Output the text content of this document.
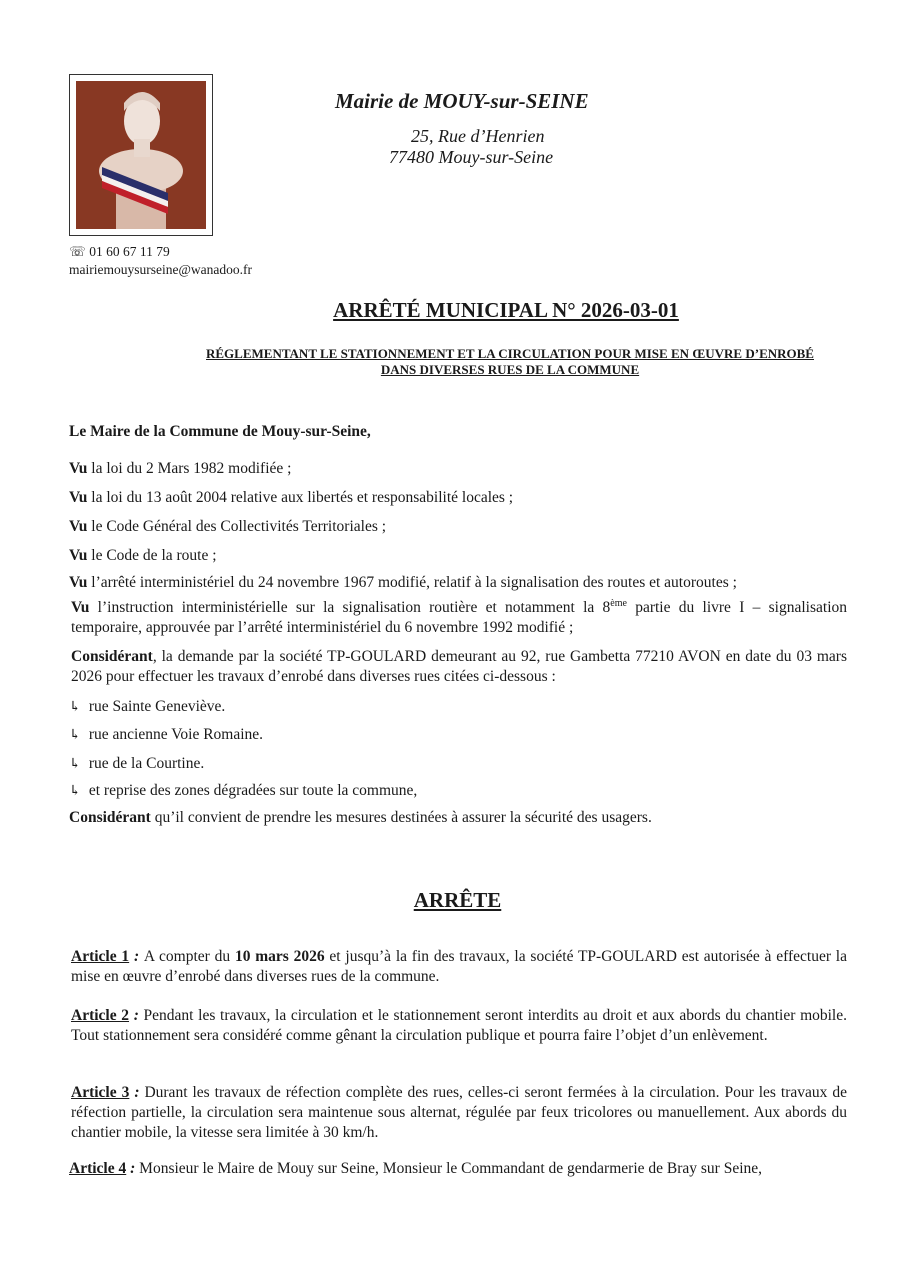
☏ 01 60 67 11 79
mairiemouysurseine@wanadoo.fr
Mairie de MOUY-sur-SEINE
25, Rue d’Henrien
77480 Mouy-sur-Seine
ARRÊTÉ MUNICIPAL N° 2026-03-01
RÉGLEMENTANT LE STATIONNEMENT ET LA CIRCULATION POUR MISE EN ŒUVRE D’ENROBÉ
DANS DIVERSES RUES DE LA COMMUNE
Le Maire de la Commune de Mouy-sur-Seine,
Vu la loi du 2 Mars 1982 modifiée ;
Vu la loi du 13 août 2004 relative aux libertés et responsabilité locales ;
Vu le Code Général des Collectivités Territoriales ;
Vu le Code de la route ;
Vu l’arrêté interministériel du 24 novembre 1967 modifié, relatif à la signalisation des routes et autoroutes ;
Vu l’instruction interministérielle sur la signalisation routière et notamment la 8ème partie du livre I – signalisation temporaire, approuvée par l’arrêté interministériel du 6 novembre 1992 modifié ;
Considérant, la demande par la société TP-GOULARD demeurant au 92, rue Gambetta 77210 AVON en date du 03 mars 2026 pour effectuer les travaux d’enrobé dans diverses rues citées ci-dessous :
↳ rue Sainte Geneviève.
↳ rue ancienne Voie Romaine.
↳ rue de la Courtine.
↳ et reprise des zones dégradées sur toute la commune,
Considérant qu’il convient de prendre les mesures destinées à assurer la sécurité des usagers.
ARRÊTE
Article 1 : A compter du 10 mars 2026 et jusqu’à la fin des travaux, la société TP-GOULARD est autorisée à effectuer la mise en œuvre d’enrobé dans diverses rues de la commune.
Article 2 : Pendant les travaux, la circulation et le stationnement seront interdits au droit et aux abords du chantier mobile. Tout stationnement sera considéré comme gênant la circulation publique et pourra faire l’objet d’un enlèvement.
Article 3 : Durant les travaux de réfection complète des rues, celles-ci seront fermées à la circulation. Pour les travaux de réfection partielle, la circulation sera maintenue sous alternat, régulée par feux tricolores ou manuellement. Aux abords du chantier mobile, la vitesse sera limitée à 30 km/h.
Article 4 : Monsieur le Maire de Mouy sur Seine, Monsieur le Commandant de gendarmerie de Bray sur Seine,
